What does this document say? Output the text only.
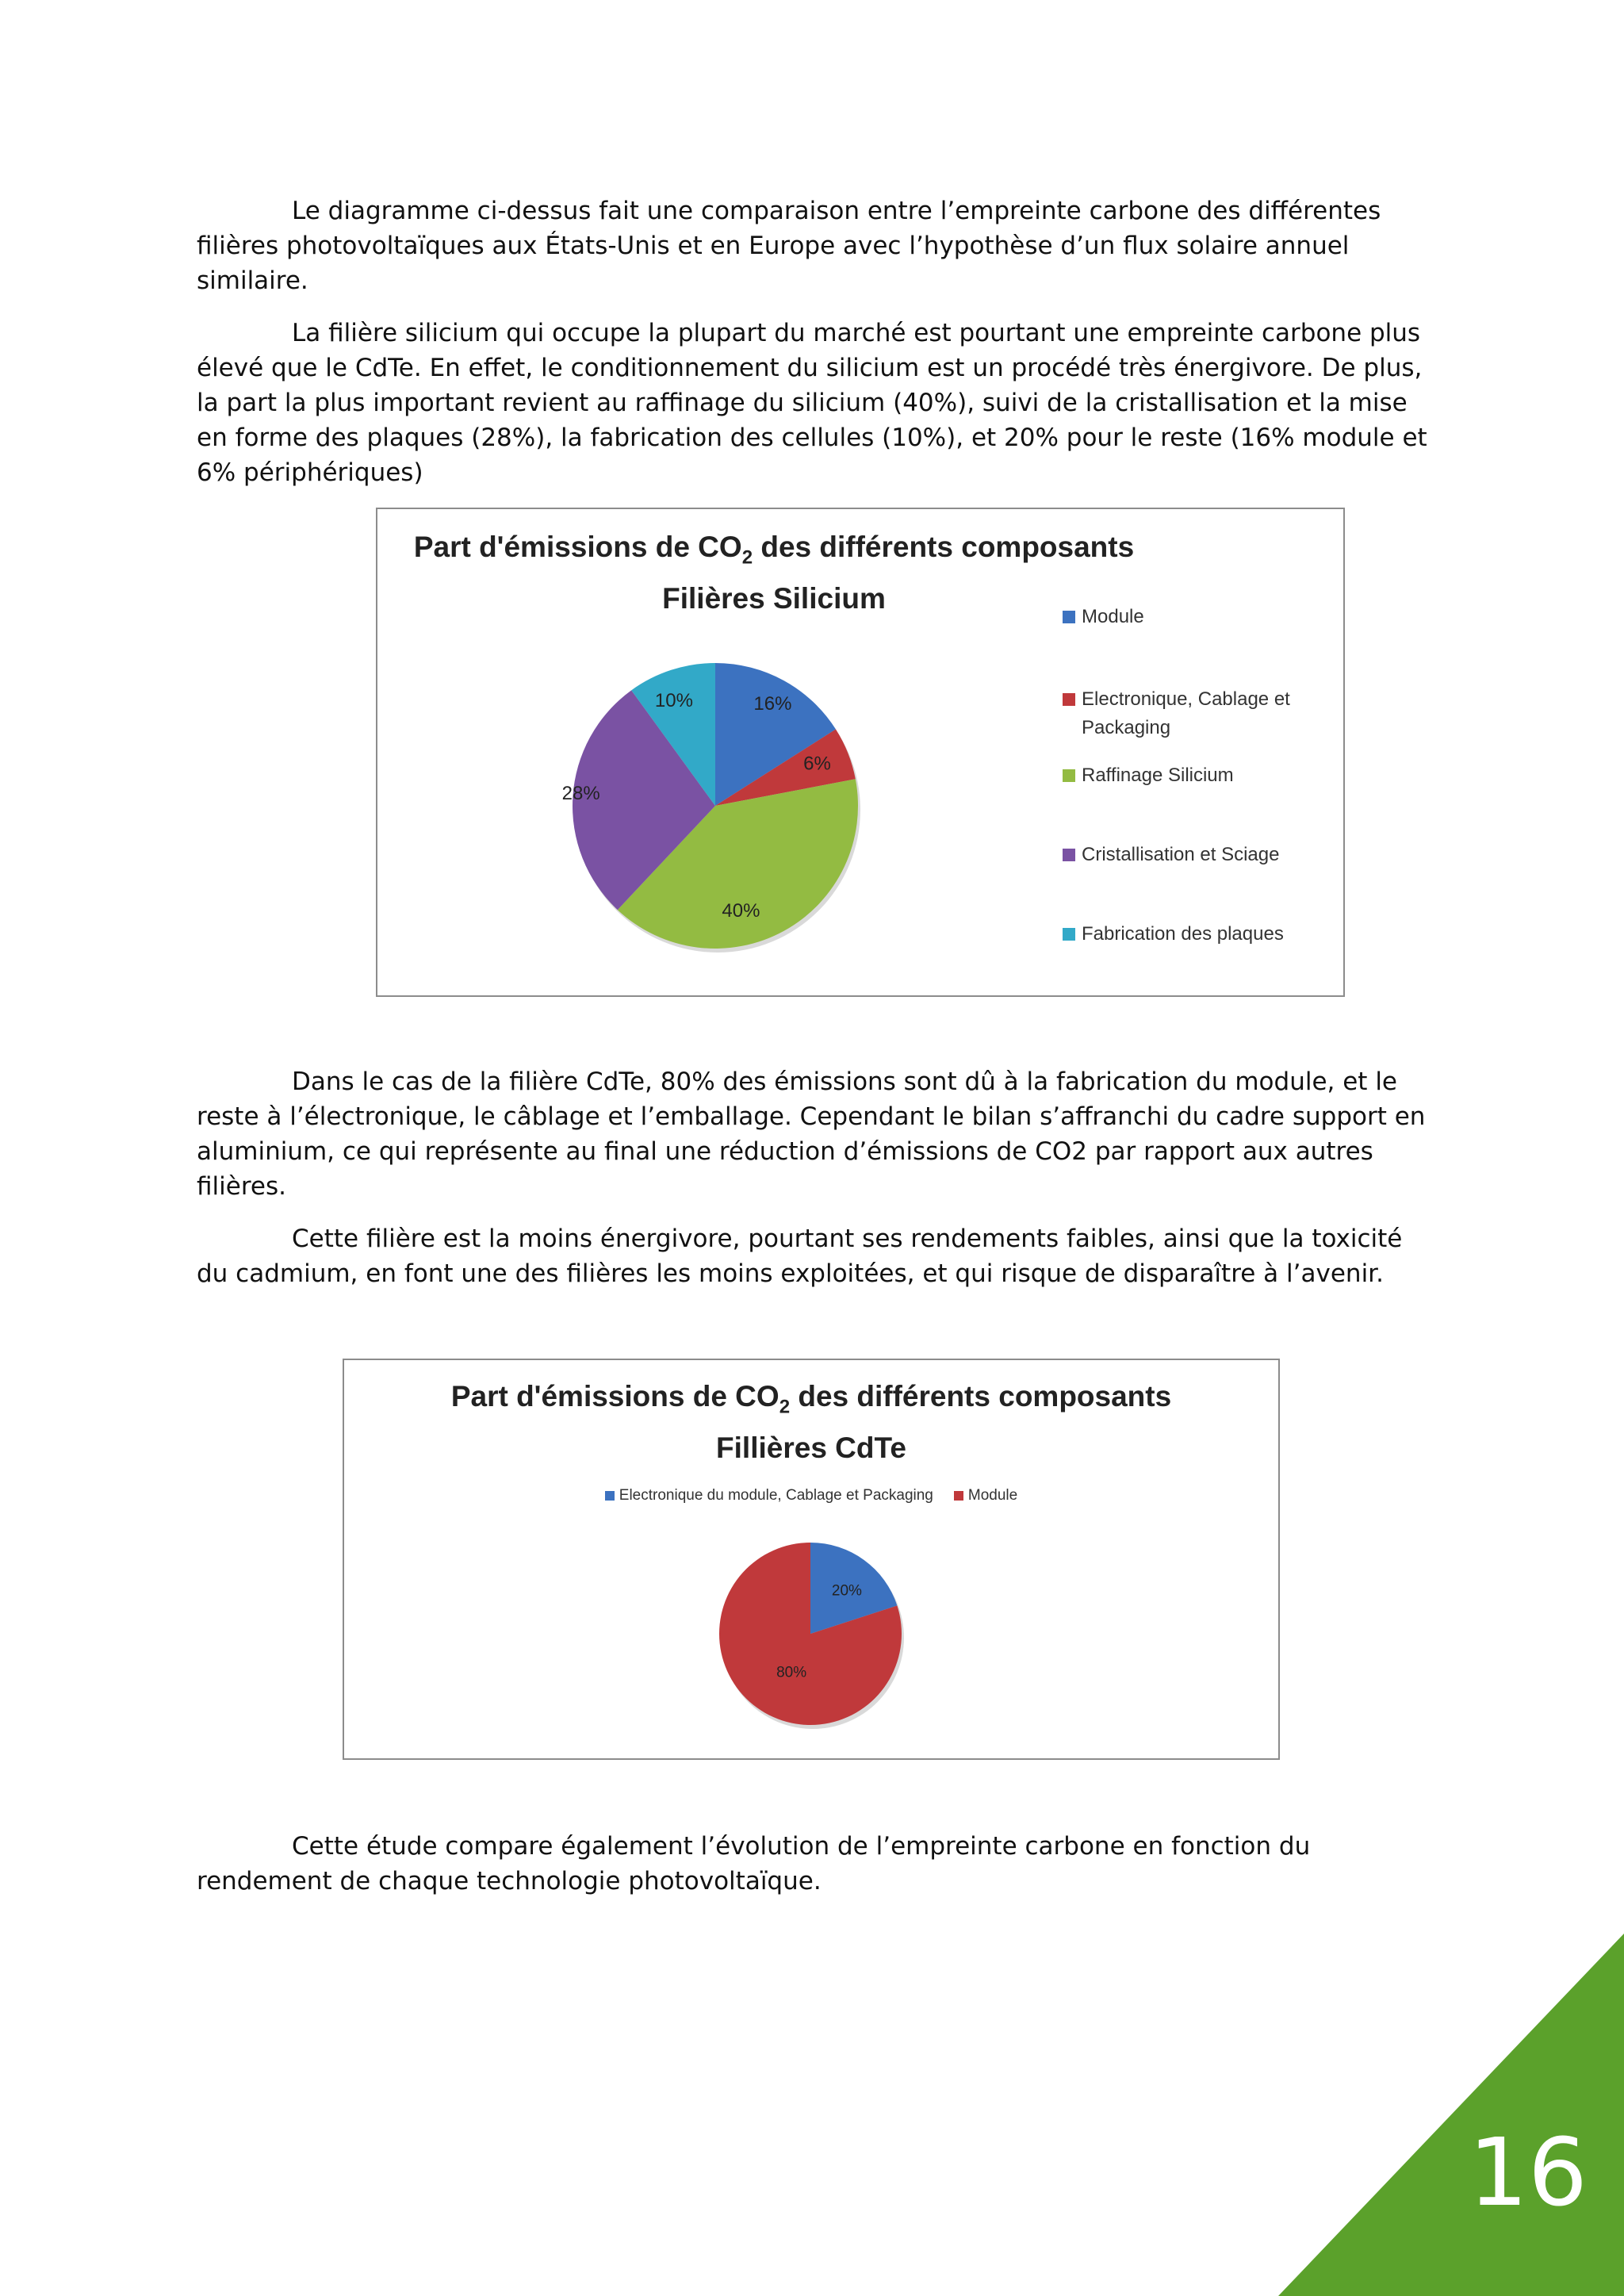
Le diagramme ci-dessus fait une comparaison entre l’empreinte carbone des différentes filières photovoltaïques aux États-Unis et en Europe avec l’hypothèse d’un flux solaire annuel similaire.

La filière silicium qui occupe la plupart du marché est pourtant une empreinte carbone plus élevé que le CdTe. En effet, le conditionnement du silicium est un procédé très énergivore. De plus, la part la plus important revient au raffinage du silicium (40%), suivi de la cristallisation et la mise en forme des plaques (28%), la fabrication des cellules (10%), et 20% pour le reste (16% module et 6% périphériques)

Part d'émissions de $CO_2$ des différents composants
Filières Silicium
16%
6%
40%
28%
10%
Module
Electronique, Cablage et Packaging
Raffinage Silicium
Cristallisation et Sciage
Fabrication des plaques

Dans le cas de la filière CdTe, 80% des émissions sont dû à la fabrication du module, et le reste à l’électronique, le câblage et l’emballage. Cependant le bilan s’affranchi du cadre support en aluminium, ce qui représente au final une réduction d’émissions de CO2 par rapport aux autres filières.

Cette filière est la moins énergivore, pourtant ses rendements faibles, ainsi que la toxicité du cadmium, en font une des filières les moins exploitées, et qui risque de disparaître à l’avenir.

Part d'émissions de $CO_2$ des différents composants
Fillières CdTe
Electronique du module, Cablage et Packaging Module
20%
80%

Cette étude compare également l’évolution de l’empreinte carbone en fonction du rendement de chaque technologie photovoltaïque.

16
